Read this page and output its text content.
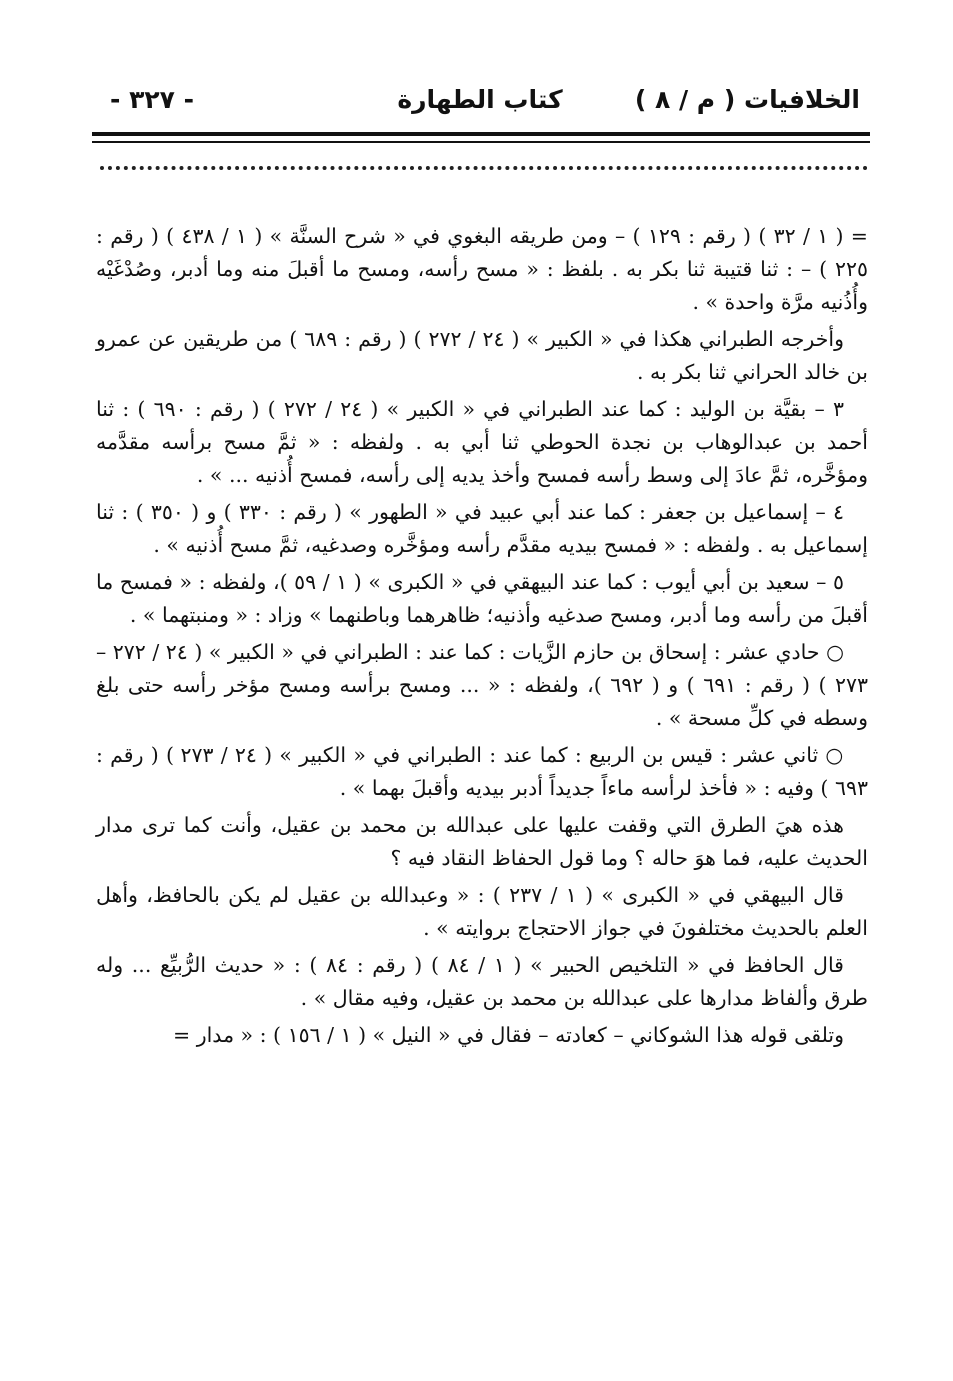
الخلافيات ( م / ٨ )
كتاب الطهارة
- ٣٢٧ -

= ( ١ / ٣٢ ) ( رقم : ١٢٩ ) – ومن طريقه البغوي في « شرح السنَّة » ( ١ / ٤٣٨ ) ( رقم : ٢٢٥ ) – : ثنا قتيبة ثنا بكر به . بلفظ : « مسح رأسه، ومسح ما أقبلَ منه وما أدبر، وصُدْغَيْه وأُذُنيه مرَّة واحدة » .

وأخرجه الطبراني هكذا في « الكبير » ( ٢٤ / ٢٧٢ ) ( رقم : ٦٨٩ ) من طريقين عن عمرو بن خالد الحراني ثنا بكر به .

٣ – بقيَّة بن الوليد : كما عند الطبراني في « الكبير » ( ٢٤ / ٢٧٢ ) ( رقم : ٦٩٠ ) : ثنا أحمد بن عبدالوهاب بن نجدة الحوطي ثنا أبي به . ولفظه : « ثمَّ مسح برأسه مقدَّمه ومؤخَّره، ثمَّ عادَ إلى وسط رأسه فمسح وأخذ يديه إلى رأسه، فمسح أُذنيه ... » .

٤ – إسماعيل بن جعفر : كما عند أبي عبيد في « الطهور » ( رقم : ٣٣٠ ) و ( ٣٥٠ ) : ثنا إسماعيل به . ولفظه : « فمسح بيديه مقدَّم رأسه ومؤخَّره وصدغيه، ثمَّ مسح أُذنيه » .

٥ – سعيد بن أبي أيوب : كما عند البيهقي في « الكبرى » ( ١ / ٥٩ )، ولفظه : « فمسح ما أقبلَ من رأسه وما أدبر، ومسح صدغيه وأذنيه؛ ظاهرهما وباطنهما » وزاد : « ومنبتهما » .

○ حادي عشر : إسحاق بن حازم الزَّيات : كما عند : الطبراني في « الكبير » ( ٢٤ / ٢٧٢ – ٢٧٣ ) ( رقم : ٦٩١ ) و ( ٦٩٢ )، ولفظه : « ... ومسح برأسه ومسح مؤخر رأسه حتى بلغ وسطه في كلِّ مسحة » .

○ ثاني عشر : قيس بن الربيع : كما عند : الطبراني في « الكبير » ( ٢٤ / ٢٧٣ ) ( رقم : ٦٩٣ ) وفيه : « فأخذ لرأسه ماءاً جديداً أدبر بيديه وأقبلَ بهما » .

هذه هيَ الطرق التي وقفت عليها على عبدالله بن محمد بن عقيل، وأنت كما ترى مدار الحديث عليه، فما هوَ حاله ؟ وما قول الحفاظ النقاد فيه ؟

قال البيهقي في « الكبرى » ( ١ / ٢٣٧ ) : « وعبدالله بن عقيل لم يكن بالحافظ، وأهل العلم بالحديث مختلفونَ في جواز الاحتجاج بروايته » .

قال الحافظ في « التلخيص الحبير » ( ١ / ٨٤ ) ( رقم : ٨٤ ) : « حديث الرُّبيِّع ... وله طرق وألفاظ مدارها على عبدالله بن محمد بن عقيل، وفيه مقال » .

وتلقى قوله هذا الشوكاني – كعادته – فقال في « النيل » ( ١ / ١٥٦ ) : « مدار =
